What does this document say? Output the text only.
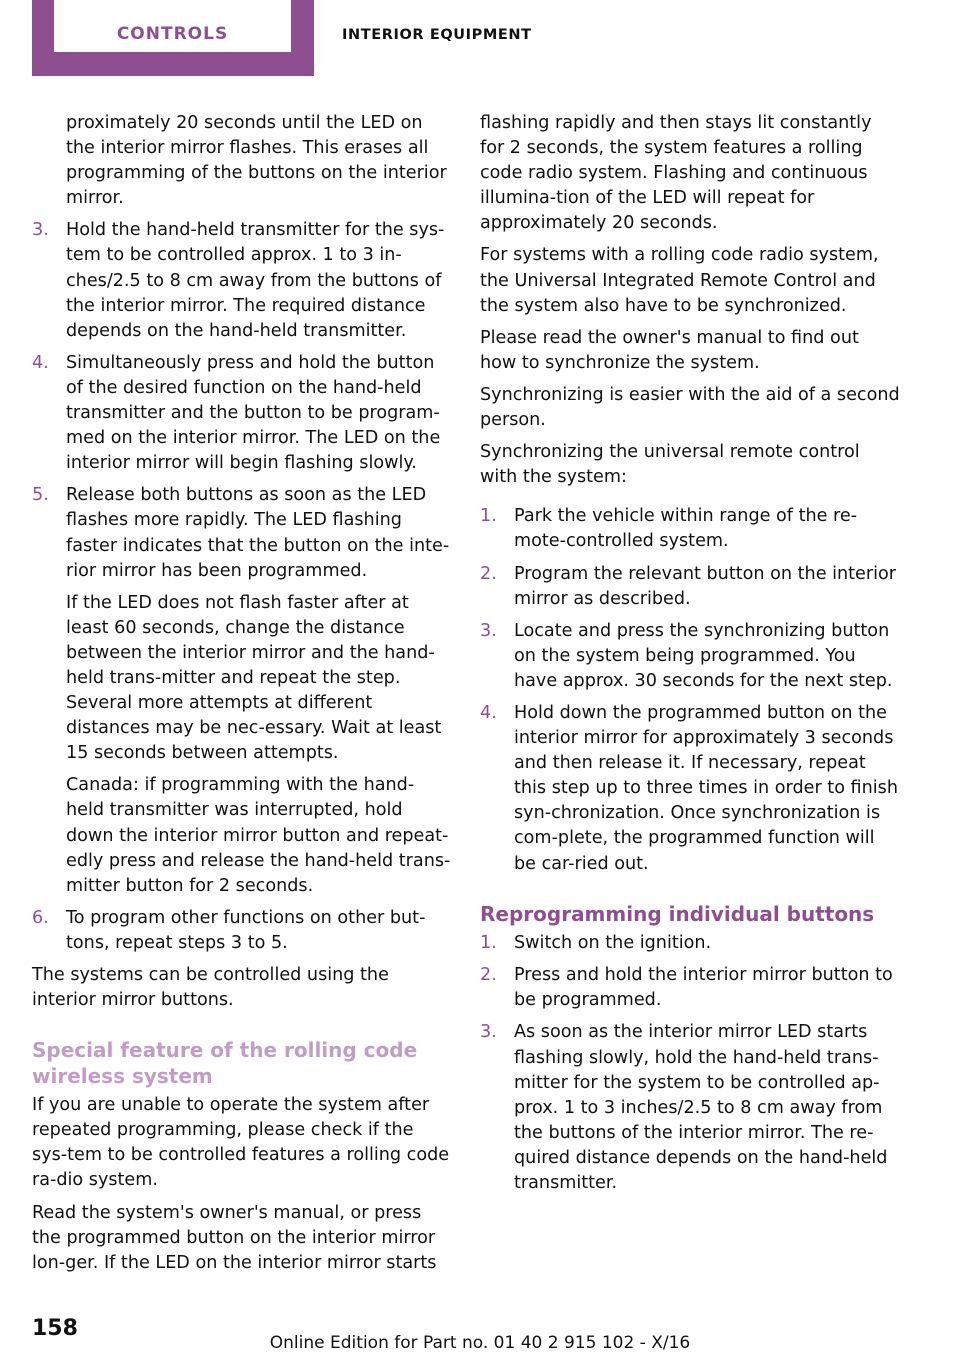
CONTROLS	INTERIOR EQUIPMENT

proximately 20 seconds until the LED on the interior mirror flashes. This erases all programming of the buttons on the interior mirror.

3. Hold the hand-held transmitter for the sys-tem to be controlled approx. 1 to 3 in-ches/2.5 to 8 cm away from the buttons of the interior mirror. The required distance depends on the hand-held transmitter.

4. Simultaneously press and hold the button of the desired function on the hand-held transmitter and the button to be program-med on the interior mirror. The LED on the interior mirror will begin flashing slowly.

5. Release both buttons as soon as the LED flashes more rapidly. The LED flashing faster indicates that the button on the inte-rior mirror has been programmed.

If the LED does not flash faster after at least 60 seconds, change the distance between the interior mirror and the hand-held trans-mitter and repeat the step. Several more attempts at different distances may be nec-essary. Wait at least 15 seconds between attempts.

Canada: if programming with the hand-held transmitter was interrupted, hold down the interior mirror button and repeat-edly press and release the hand-held trans-mitter button for 2 seconds.

6. To program other functions on other but-tons, repeat steps 3 to 5.

The systems can be controlled using the interior mirror buttons.

Special feature of the rolling code wireless system

If you are unable to operate the system after repeated programming, please check if the sys-tem to be controlled features a rolling code ra-dio system.

Read the system's owner's manual, or press the programmed button on the interior mirror lon-ger. If the LED on the interior mirror starts

flashing rapidly and then stays lit constantly for 2 seconds, the system features a rolling code radio system. Flashing and continuous illumina-tion of the LED will repeat for approximately 20 seconds.

For systems with a rolling code radio system, the Universal Integrated Remote Control and the system also have to be synchronized.

Please read the owner's manual to find out how to synchronize the system.

Synchronizing is easier with the aid of a second person.

Synchronizing the universal remote control with the system:

1. Park the vehicle within range of the re-mote-controlled system.

2. Program the relevant button on the interior mirror as described.

3. Locate and press the synchronizing button on the system being programmed. You have approx. 30 seconds for the next step.

4. Hold down the programmed button on the interior mirror for approximately 3 seconds and then release it. If necessary, repeat this step up to three times in order to finish syn-chronization. Once synchronization is com-plete, the programmed function will be car-ried out.

Reprogramming individual buttons
1. Switch on the ignition.

2. Press and hold the interior mirror button to be programmed.

3. As soon as the interior mirror LED starts flashing slowly, hold the hand-held trans-mitter for the system to be controlled ap-prox. 1 to 3 inches/2.5 to 8 cm away from the buttons of the interior mirror. The re-quired distance depends on the hand-held transmitter.

158
Online Edition for Part no. 01 40 2 915 102 - X/16
